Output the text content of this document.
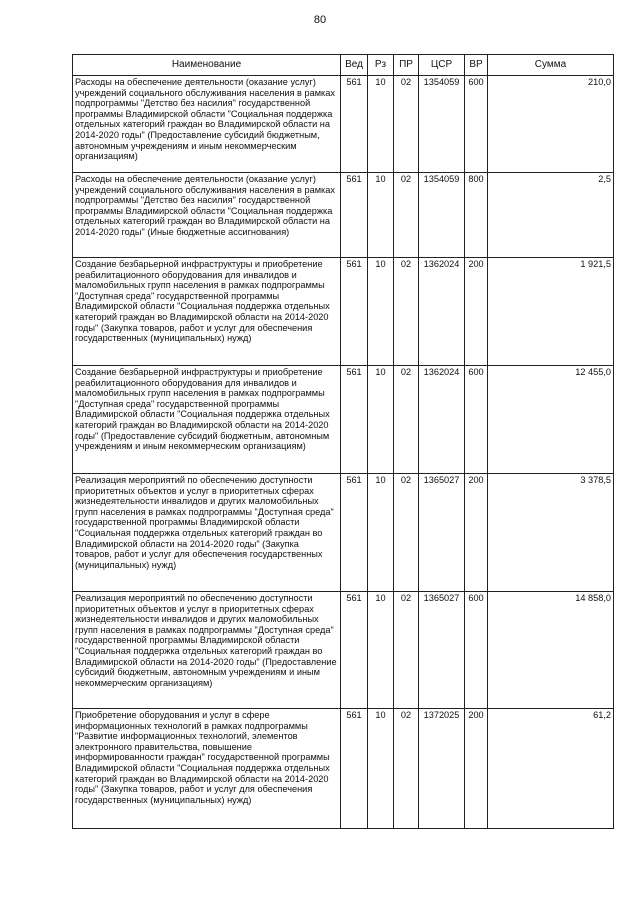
80
Наименование	Вед	Рз	ПР	ЦСР	ВР	Сумма
Расходы на обеспечение деятельности (оказание услуг) учреждений социального обслуживания населения в рамках подпрограммы "Детство без насилия" государственной программы Владимирской области "Социальная поддержка отдельных категорий граждан во Владимирской области на 2014-2020 годы" (Предоставление субсидий бюджетным, автономным учреждениям и иным некоммерческим организациям)	561	10	02	1354059	600	210,0
Расходы на обеспечение деятельности (оказание услуг) учреждений социального обслуживания населения в рамках подпрограммы "Детство без насилия" государственной программы Владимирской области "Социальная поддержка отдельных категорий граждан во Владимирской области на 2014-2020 годы" (Иные бюджетные ассигнования)	561	10	02	1354059	800	2,5
Создание безбарьерной инфраструктуры и приобретение реабилитационного оборудования для инвалидов и маломобильных групп населения в рамках подпрограммы "Доступная среда" государственной программы Владимирской области "Социальная поддержка отдельных категорий граждан во Владимирской области на 2014-2020 годы" (Закупка товаров, работ и услуг для обеспечения государственных (муниципальных) нужд)	561	10	02	1362024	200	1 921,5
Создание безбарьерной инфраструктуры и приобретение реабилитационного оборудования для инвалидов и маломобильных групп населения в рамках подпрограммы "Доступная среда" государственной программы Владимирской области "Социальная поддержка отдельных категорий граждан во Владимирской области на 2014-2020 годы" (Предоставление субсидий бюджетным, автономным учреждениям и иным некоммерческим организациям)	561	10	02	1362024	600	12 455,0
Реализация мероприятий по обеспечению доступности приоритетных объектов и услуг в приоритетных сферах жизнедеятельности инвалидов и других маломобильных групп населения в рамках подпрограммы "Доступная среда" государственной программы Владимирской области "Социальная поддержка отдельных категорий граждан во Владимирской области на 2014-2020 годы" (Закупка товаров, работ и услуг для обеспечения государственных (муниципальных) нужд)	561	10	02	1365027	200	3 378,5
Реализация мероприятий по обеспечению доступности приоритетных объектов и услуг в приоритетных сферах жизнедеятельности инвалидов и других маломобильных групп населения в рамках подпрограммы "Доступная среда" государственной программы Владимирской области "Социальная поддержка отдельных категорий граждан во Владимирской области на 2014-2020 годы" (Предоставление субсидий бюджетным, автономным учреждениям и иным некоммерческим организациям)	561	10	02	1365027	600	14 858,0
Приобретение оборудования и услуг в сфере информационных технологий в рамках подпрограммы "Развитие информационных технологий, элементов электронного правительства, повышение информированности граждан" государственной программы Владимирской области "Социальная поддержка отдельных категорий граждан во Владимирской области на 2014-2020 годы" (Закупка товаров, работ и услуг для обеспечения государственных (муниципальных) нужд)	561	10	02	1372025	200	61,2
